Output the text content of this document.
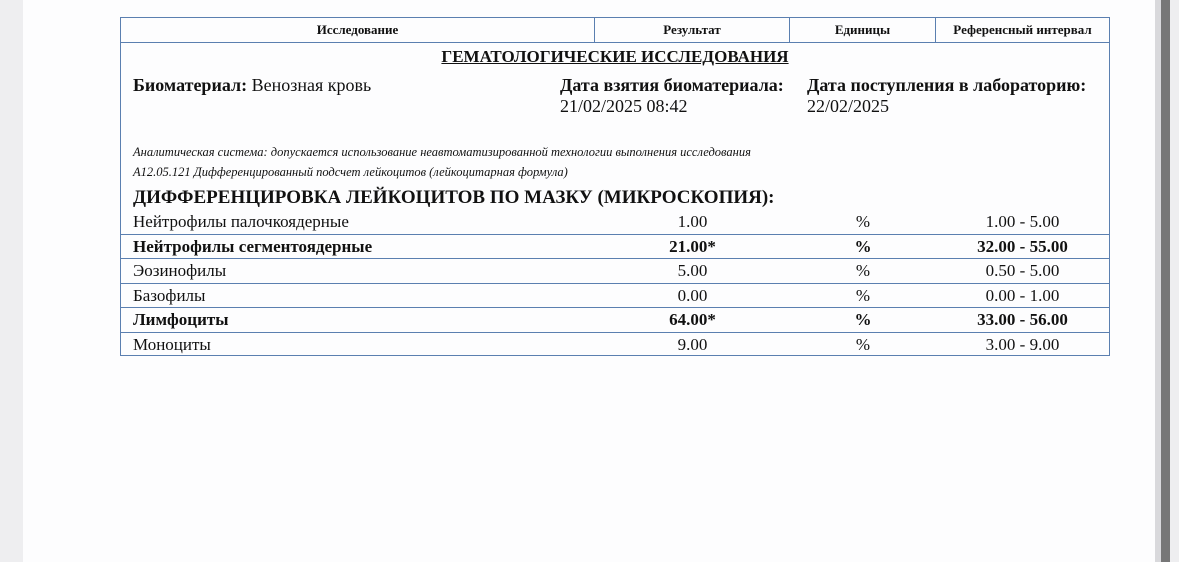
Исследование	Результат	Единицы	Референсный интервал
ГЕМАТОЛОГИЧЕСКИЕ ИССЛЕДОВАНИЯ
Биоматериал: Венозная кровь	Дата взятия биоматериала:
21/02/2025 08:42
Дата поступления в лабораторию:
22/02/2025
Аналитическая система: допускается использование неавтоматизированной технологии выполнения исследования
A12.05.121 Дифференцированный подсчет лейкоцитов (лейкоцитарная формула)
ДИФФЕРЕНЦИРОВКА ЛЕЙКОЦИТОВ ПО МАЗКУ (МИКРОСКОПИЯ):
Нейтрофилы палочкоядерные	1.00	%	1.00 - 5.00
Нейтрофилы сегментоядерные	21.00*	%	32.00 - 55.00
Эозинофилы	5.00	%	0.50 - 5.00
Базофилы	0.00	%	0.00 - 1.00
Лимфоциты	64.00*	%	33.00 - 56.00
Моноциты	9.00	%	3.00 - 9.00
